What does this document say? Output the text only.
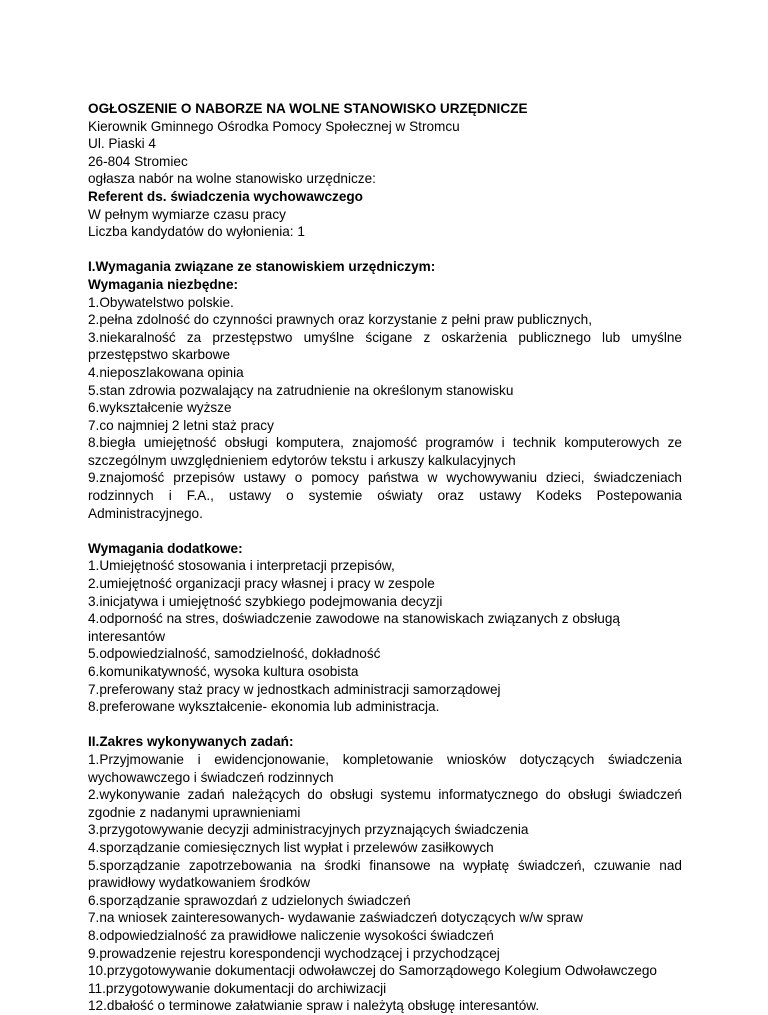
OGŁOSZENIE O NABORZE NA WOLNE STANOWISKO URZĘDNICZE

Kierownik Gminnego Ośrodka Pomocy Społecznej w Stromcu

Ul. Piaski 4

26-804 Stromiec

ogłasza nabór na wolne stanowisko urzędnicze:

Referent ds. świadczenia wychowawczego

W pełnym wymiarze czasu pracy

Liczba kandydatów do wyłonienia: 1

I.Wymagania związane ze stanowiskiem urzędniczym:

Wymagania niezbędne:

1.Obywatelstwo polskie.

2.pełna zdolność do czynności prawnych oraz korzystanie z pełni praw publicznych,

3.niekaralność za przestępstwo umyślne ścigane z oskarżenia publicznego lub umyślne przestępstwo skarbowe

4.nieposzlakowana opinia

5.stan zdrowia pozwalający na zatrudnienie na określonym stanowisku

6.wykształcenie wyższe

7.co najmniej 2 letni staż pracy

8.biegła umiejętność obsługi komputera, znajomość programów i technik komputerowych ze szczególnym uwzględnieniem edytorów tekstu i arkuszy kalkulacyjnych

9.znajomość przepisów ustawy o pomocy państwa w wychowywaniu dzieci, świadczeniach rodzinnych i F.A., ustawy o systemie oświaty oraz ustawy Kodeks Postepowania Administracyjnego.

Wymagania dodatkowe:

1.Umiejętność stosowania i interpretacji przepisów,

2.umiejętność organizacji pracy własnej i pracy w zespole

3.inicjatywa i umiejętność szybkiego podejmowania decyzji

4.odporność na stres, doświadczenie zawodowe na stanowiskach związanych z obsługą interesantów

5.odpowiedzialność, samodzielność, dokładność

6.komunikatywność, wysoka kultura osobista

7.preferowany staż pracy w jednostkach administracji samorządowej

8.preferowane wykształcenie- ekonomia lub administracja.

II.Zakres wykonywanych zadań:

1.Przyjmowanie i ewidencjonowanie, kompletowanie wniosków dotyczących świadczenia wychowawczego i świadczeń rodzinnych

2.wykonywanie zadań należących do obsługi systemu informatycznego do obsługi świadczeń zgodnie z nadanymi uprawnieniami

3.przygotowywanie decyzji administracyjnych przyznających świadczenia

4.sporządzanie comiesięcznych list wypłat i przelewów zasiłkowych

5.sporządzanie zapotrzebowania na środki finansowe na wypłatę świadczeń, czuwanie nad prawidłowy wydatkowaniem środków

6.sporządzanie sprawozdań z udzielonych świadczeń

7.na wniosek zainteresowanych- wydawanie zaświadczeń dotyczących w/w spraw

8.odpowiedzialność za prawidłowe naliczenie wysokości świadczeń

9.prowadzenie rejestru korespondencji wychodzącej i przychodzącej

10.przygotowywanie dokumentacji odwoławczej do Samorządowego Kolegium Odwoławczego

11.przygotowywanie dokumentacji do archiwizacji

12.dbałość o terminowe załatwianie spraw i należytą obsługę interesantów.
